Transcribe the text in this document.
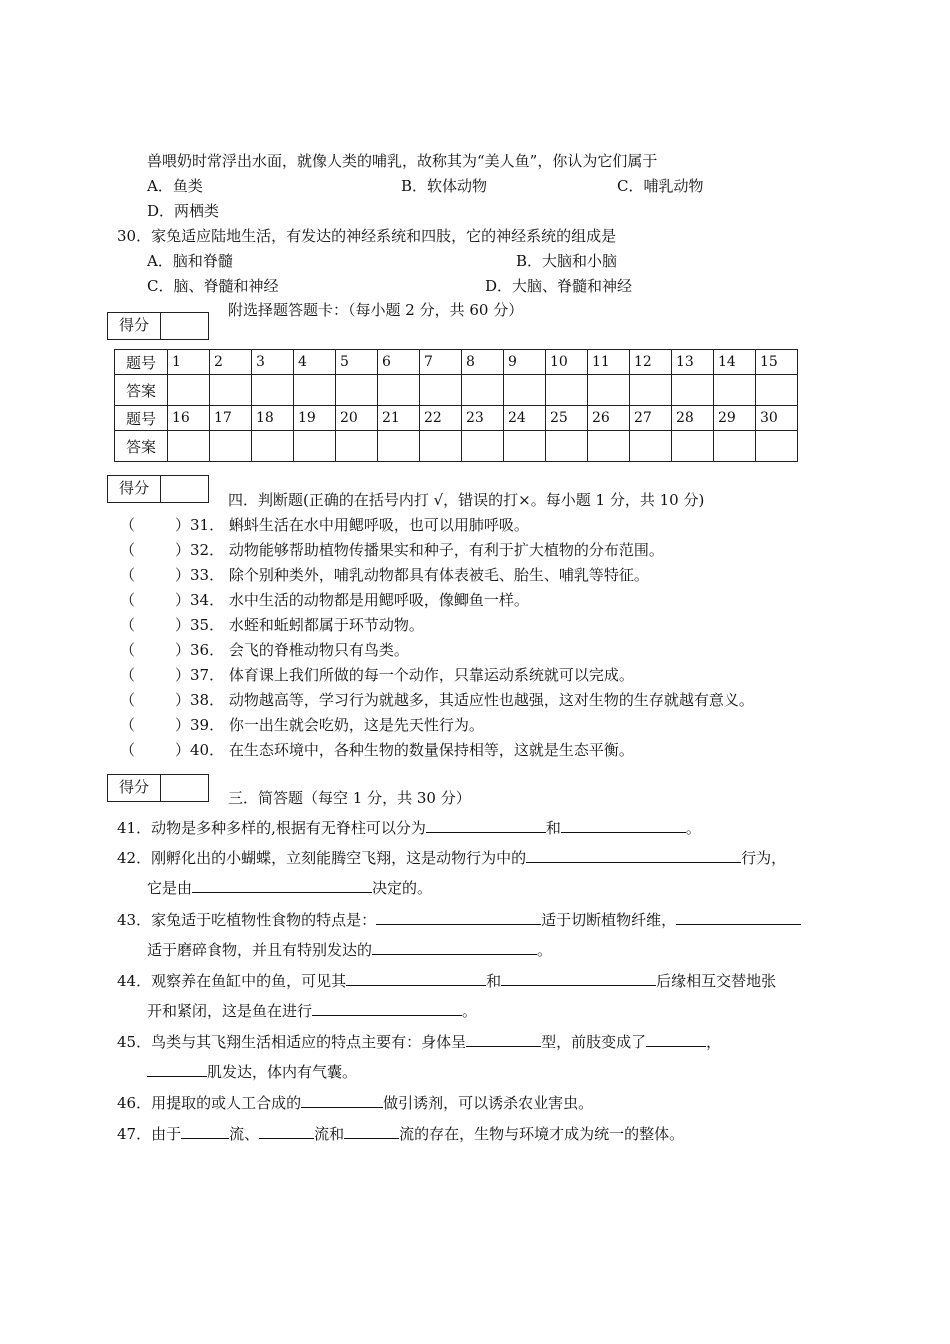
兽喂奶时常浮出水面，就像人类的哺乳，故称其为“美人鱼”，你认为它们属于
A．鱼类	B．软体动物	C．哺乳动物
D．两栖类
30．家兔适应陆地生活，有发达的神经系统和四肢，它的神经系统的组成是
A．脑和脊髓	B．大脑和小脑
C．脑、脊髓和神经	D．大脑、脊髓和神经
得分
附选择题答题卡：（每小题 2 分，共 60 分）
题号	1	2	3	4	5	6	7	8	9	10	11	12	13	14	15
答案															
题号	16	17	18	19	20	21	22	23	24	25	26	27	28	29	30
答案															
得分
四．判断题(正确的在括号内打 √，错误的打×。每小题 1 分，共 10 分)
（	）31． 蝌蚪生活在水中用鳃呼吸，也可以用肺呼吸。
（	）32． 动物能够帮助植物传播果实和种子，有利于扩大植物的分布范围。
（	）33． 除个别种类外，哺乳动物都具有体表被毛、胎生、哺乳等特征。
（	）34． 水中生活的动物都是用鳃呼吸，像鲫鱼一样。
（	）35． 水蛭和蚯蚓都属于环节动物。
（	）36． 会飞的脊椎动物只有鸟类。
（	）37． 体育课上我们所做的每一个动作，只靠运动系统就可以完成。
（	）38． 动物越高等，学习行为就越多，其适应性也越强，这对生物的生存就越有意义。
（	）39． 你一出生就会吃奶，这是先天性行为。
（	）40． 在生态环境中，各种生物的数量保持相等，这就是生态平衡。
得分
三．简答题（每空 1 分，共 30 分）
41．动物是多种多样的,根据有无脊柱可以分为	和	。
42．刚孵化出的小蝴蝶，立刻能腾空飞翔，这是动物行为中的	行为，
它是由	决定的。
43．家兔适于吃植物性食物的特点是：	适于切断植物纤维，
适于磨碎食物，并且有特别发达的	。
44．观察养在鱼缸中的鱼，可见其	和	后缘相互交替地张
开和紧闭，这是鱼在进行	。
45．鸟类与其飞翔生活相适应的特点主要有：身体呈	型，前肢变成了	，
肌发达，体内有气囊。
46．用提取的或人工合成的	做引诱剂，可以诱杀农业害虫。
47．由于	流、	流和	流的存在，生物与环境才成为统一的整体。
